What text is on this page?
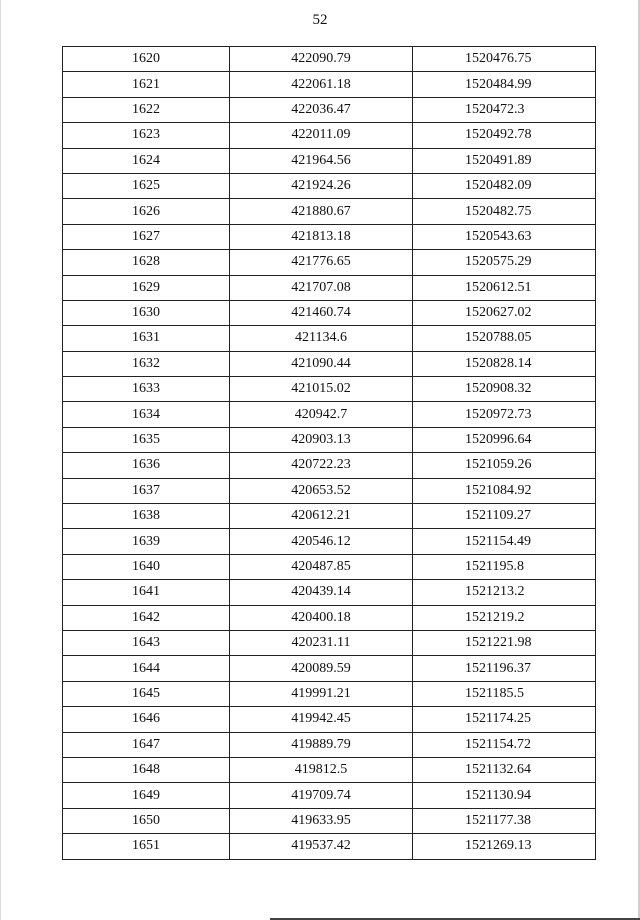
52
1620	422090.79	1520476.75
1621	422061.18	1520484.99
1622	422036.47	1520472.3
1623	422011.09	1520492.78
1624	421964.56	1520491.89
1625	421924.26	1520482.09
1626	421880.67	1520482.75
1627	421813.18	1520543.63
1628	421776.65	1520575.29
1629	421707.08	1520612.51
1630	421460.74	1520627.02
1631	421134.6	1520788.05
1632	421090.44	1520828.14
1633	421015.02	1520908.32
1634	420942.7	1520972.73
1635	420903.13	1520996.64
1636	420722.23	1521059.26
1637	420653.52	1521084.92
1638	420612.21	1521109.27
1639	420546.12	1521154.49
1640	420487.85	1521195.8
1641	420439.14	1521213.2
1642	420400.18	1521219.2
1643	420231.11	1521221.98
1644	420089.59	1521196.37
1645	419991.21	1521185.5
1646	419942.45	1521174.25
1647	419889.79	1521154.72
1648	419812.5	1521132.64
1649	419709.74	1521130.94
1650	419633.95	1521177.38
1651	419537.42	1521269.13
